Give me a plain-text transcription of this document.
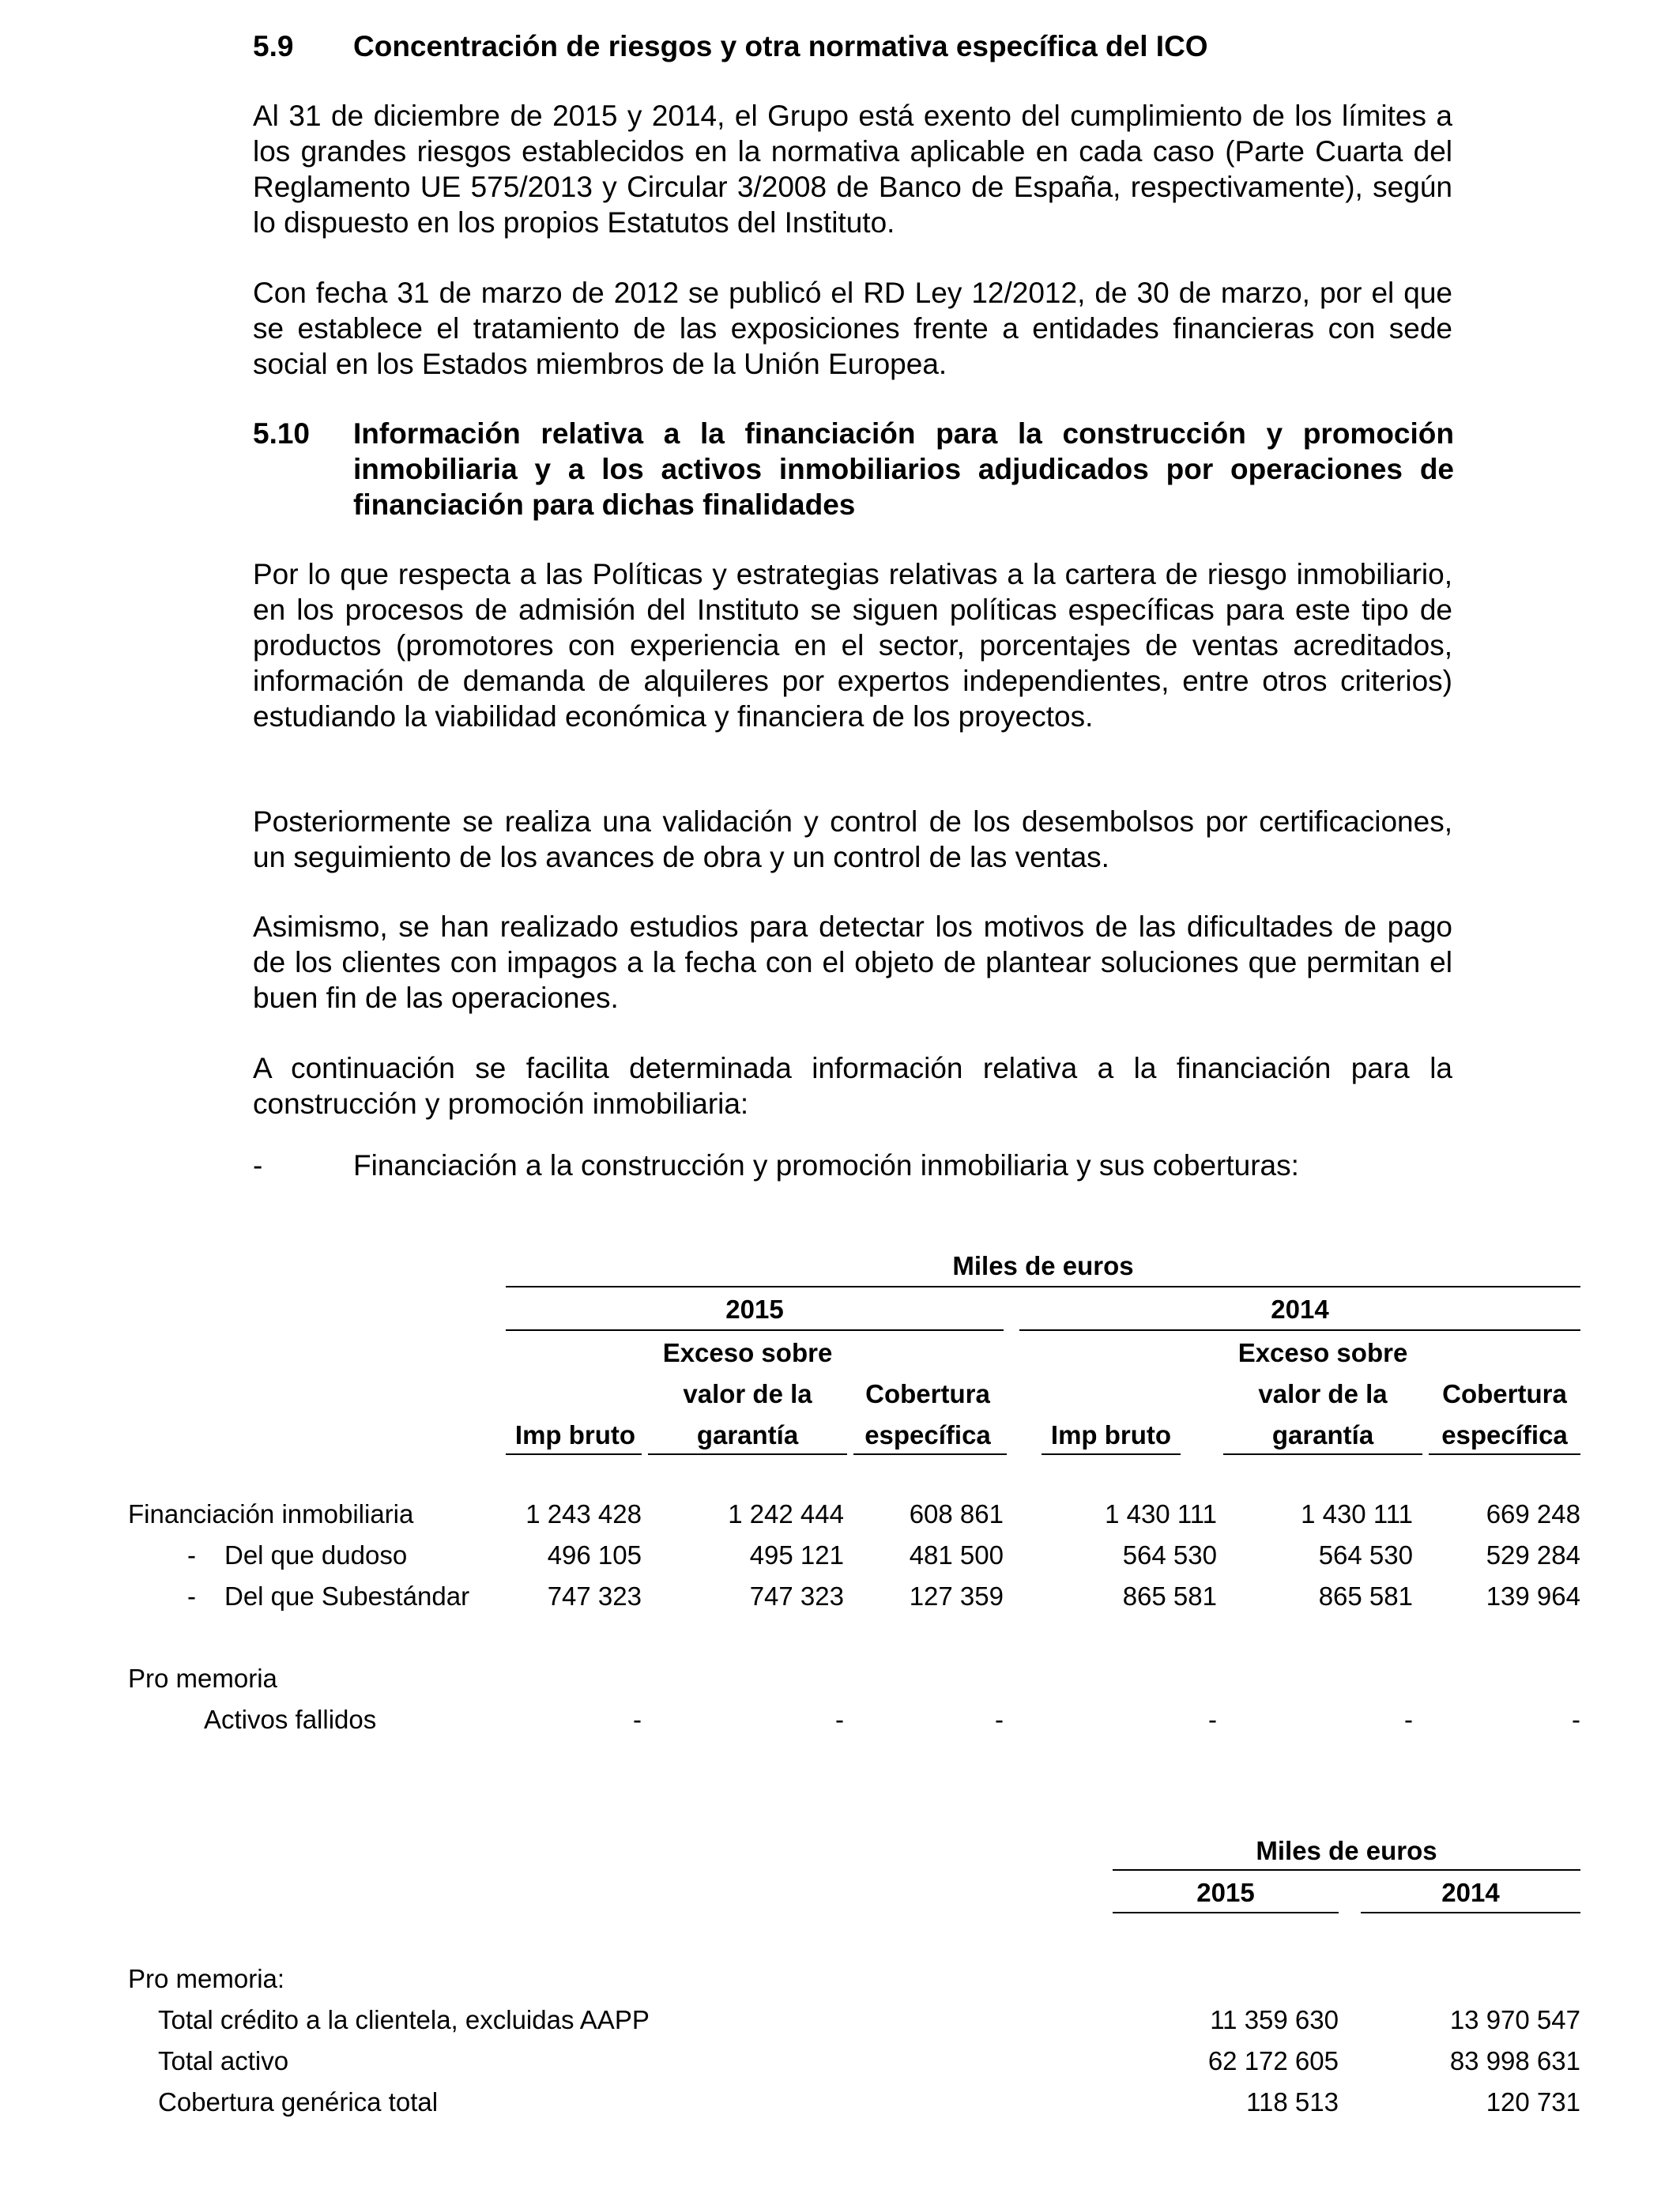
5.9 Concentración de riesgos y otra normativa específica del ICO

Al 31 de diciembre de 2015 y 2014, el Grupo está exento del cumplimiento de los límites a los grandes riesgos establecidos en la normativa aplicable en cada caso (Parte Cuarta del Reglamento UE 575/2013 y Circular 3/2008 de Banco de España, respectivamente), según lo dispuesto en los propios Estatutos del Instituto.

Con fecha 31 de marzo de 2012 se publicó el RD Ley 12/2012, de 30 de marzo, por el que se establece el tratamiento de las exposiciones frente a entidades financieras con sede social en los Estados miembros de la Unión Europea.

5.10 Información relativa a la financiación para la construcción y promoción inmobiliaria y a los activos inmobiliarios adjudicados por operaciones de financiación para dichas finalidades

Por lo que respecta a las Políticas y estrategias relativas a la cartera de riesgo inmobiliario, en los procesos de admisión del Instituto se siguen políticas específicas para este tipo de productos (promotores con experiencia en el sector, porcentajes de ventas acreditados, información de demanda de alquileres por expertos independientes, entre otros criterios) estudiando la viabilidad económica y financiera de los proyectos.

Posteriormente se realiza una validación y control de los desembolsos por certificaciones, un seguimiento de los avances de obra y un control de las ventas.

Asimismo, se han realizado estudios para detectar los motivos de las dificultades de pago de los clientes con impagos a la fecha con el objeto de plantear soluciones que permitan el buen fin de las operaciones.

A continuación se facilita determinada información relativa a la financiación para la construcción y promoción inmobiliaria:

-	Financiación a la construcción y promoción inmobiliaria y sus coberturas:
Miles de euros
2015	2014
Exceso sobre	Exceso sobre
valor de la	Cobertura	valor de la	Cobertura
Imp bruto	garantía	específica	Imp bruto	garantía	específica
Financiación inmobiliaria	1 243 428	1 242 444	608 861	1 430 111	1 430 111	669 248
- Del que dudoso	496 105	495 121	481 500	564 530	564 530	529 284
- Del que Subestándar	747 323	747 323	127 359	865 581	865 581	139 964
Pro memoria
Activos fallidos	-	-	-	-	-	-
Miles de euros
2015	2014
Pro memoria:
Total crédito a la clientela, excluidas AAPP	11 359 630	13 970 547
Total activo	62 172 605	83 998 631
Cobertura genérica total	118 513	120 731
